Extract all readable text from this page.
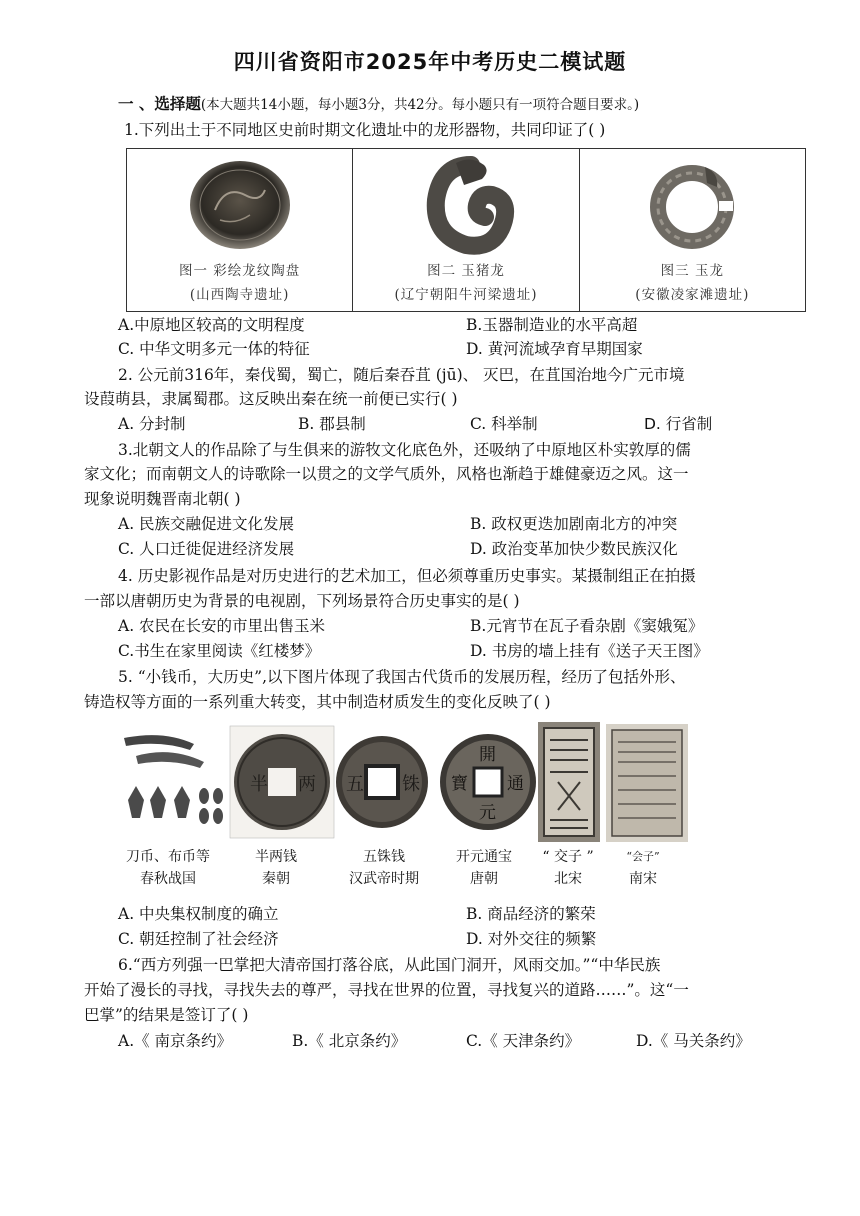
四川省资阳市2025年中考历史二模试题
一 、选择题(本大题共14小题，每小题3分，共42分。每小题只有一项符合题目要求。)
1.下列出土于不同地区史前时期文化遗址中的龙形器物，共同印证了( )
图一 彩绘龙纹陶盘
(山西陶寺遗址)
图二 玉猪龙
(辽宁朝阳牛河梁遗址)
图三 玉龙
(安徽凌家滩遗址)
A.中原地区较高的文明程度	B.玉器制造业的水平高超
C. 中华文明多元一体的特征	D. 黄河流域孕育早期国家
2. 公元前316年，秦伐蜀，蜀亡，随后秦吞苴 (jū)、 灭巴，在苴国治地今广元市境
设葭萌县，隶属蜀郡。这反映出秦在统一前便已实行( )
A. 分封制	B. 郡县制	C. 科举制	D. 行省制
3.北朝文人的作品除了与生俱来的游牧文化底色外，还吸纳了中原地区朴实敦厚的儒
家文化；而南朝文人的诗歌除一以贯之的文学气质外，风格也渐趋于雄健豪迈之风。这一
现象说明魏晋南北朝( )
A. 民族交融促进文化发展	B. 政权更迭加剧南北方的冲突
C. 人口迁徙促进经济发展	D. 政治变革加快少数民族汉化
4. 历史影视作品是对历史进行的艺术加工，但必须尊重历史事实。某摄制组正在拍摄
一部以唐朝历史为背景的电视剧，下列场景符合历史事实的是( )
A. 农民在长安的市里出售玉米	B.元宵节在瓦子看杂剧《窦娥冤》
C.书生在家里阅读《红楼梦》	D. 书房的墙上挂有《送子天王图》
5. “小钱币，大历史”,以下图片体现了我国古代货币的发展历程，经历了包括外形、
铸造权等方面的一系列重大转变，其中制造材质发生的变化反映了( )
半 两 五 铢
開
元
通
寶
刀币、布币等
春秋战国
半两钱
秦朝
五铢钱
汉武帝时期
开元通宝
唐朝
“ 交子 ”
北宋
“会子”
南宋
A. 中央集权制度的确立	B. 商品经济的繁荣
C. 朝廷控制了社会经济	D. 对外交往的频繁
6.“西方列强一巴掌把大清帝国打落谷底，从此国门洞开，风雨交加。”“中华民族
开始了漫长的寻找，寻找失去的尊严，寻找在世界的位置，寻找复兴的道路……”。这“一
巴掌”的结果是签订了( )
A.《 南京条约》	B.《 北京条约》	C.《 天津条约》	D.《 马关条约》
